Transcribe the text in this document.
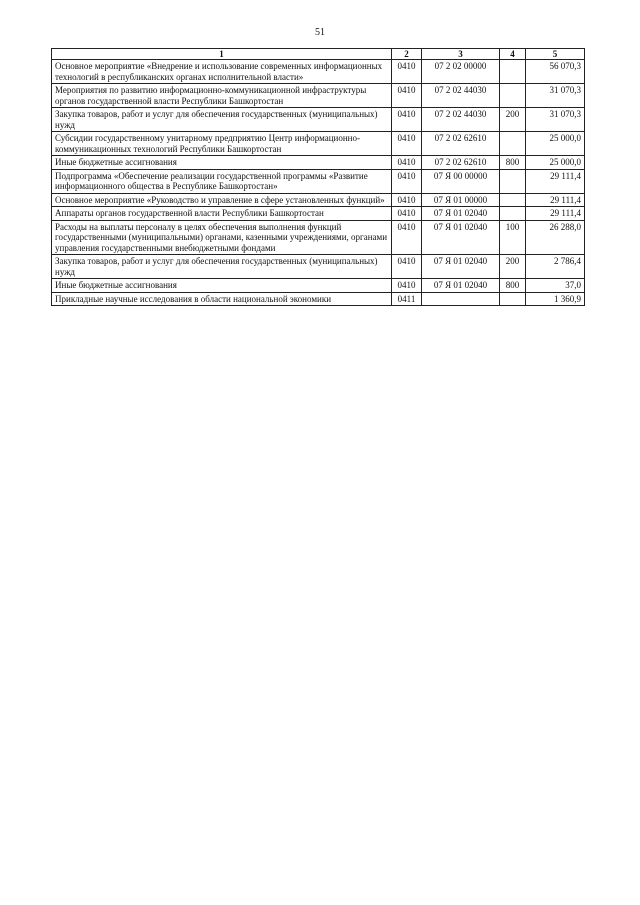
51
1	2	3	4	5
Основное мероприятие «Внедрение и использование современных информационных технологий в республиканских органах исполнительной власти»	0410	07 2 02 00000		56 070,3
Мероприятия по развитию информационно-коммуникационной инфраструктуры органов государственной власти Республики Башкортостан	0410	07 2 02 44030		31 070,3
Закупка товаров, работ и услуг для обеспечения государственных (муниципальных) нужд	0410	07 2 02 44030	200	31 070,3
Субсидии государственному унитарному предприятию Центр информационно-коммуникационных технологий Республики Башкортостан	0410	07 2 02 62610		25 000,0
Иные бюджетные ассигнования	0410	07 2 02 62610	800	25 000,0
Подпрограмма «Обеспечение реализации государственной программы «Развитие информационного общества в Республике Башкортостан»	0410	07 Я 00 00000		29 111,4
Основное мероприятие «Руководство и управление в сфере установленных функций»	0410	07 Я 01 00000		29 111,4
Аппараты органов государственной власти Республики Башкортостан	0410	07 Я 01 02040		29 111,4
Расходы на выплаты персоналу в целях обеспечения выполнения функций государственными (муниципальными) органами, казенными учреждениями, органами управления государственными внебюджетными фондами	0410	07 Я 01 02040	100	26 288,0
Закупка товаров, работ и услуг для обеспечения государственных (муниципальных) нужд	0410	07 Я 01 02040	200	2 786,4
Иные бюджетные ассигнования	0410	07 Я 01 02040	800	37,0
Прикладные научные исследования в области национальной экономики	0411			1 360,9
